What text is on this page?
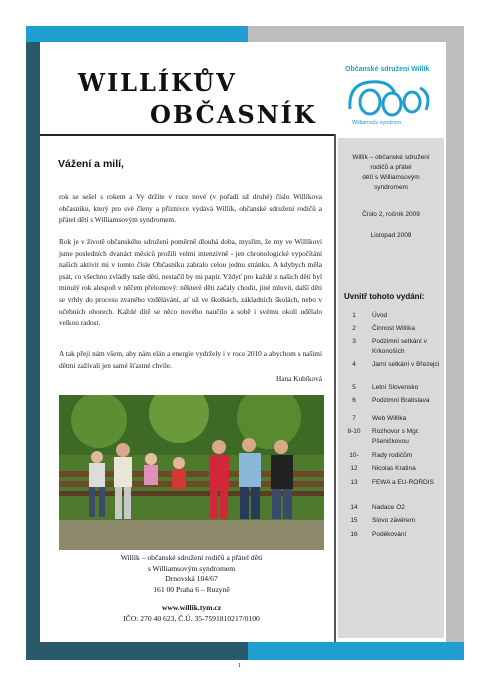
WILLÍKŮV
OBČASNÍK
Občanské sdružení Willík
Williamsův syndrom
Willík – občanské sdružení
rodičů a přátel
dětí s Williamsovým
syndromem
Číslo 2, ročník 2009
Listopad 2009
Uvnitř tohoto vydání:
1	Úvod
2	Činnost Willíka
3	Podzimní setkání v Krkonoších
4	Jarní setkání v Březejci
5	Letní Slovensko
6	Podzimní Bratislava
7	Web Willíka
8-10	Rozhovor s Mgr. Pšeničkovou
10-	Rady rodičům
12	Nicolas Kratina
13	FEWA a EU-RORDIS
14	Nadace O2
15	Slovo závěrem
16	Poděkování
Vážení a milí,
rok se sešel s rokem a Vy držíte v ruce nové (v pořadí už druhé) číslo Willíkova občasníku, který pro své členy a příznivce vydává Willík, občanské sdružení rodičů a přátel dětí s Williamsovým syndromem.
Rok je v životě občanského sdružení poměrně dlouhá doba, myslím, že my ve Willíkovi jsme posledních dvanáct měsíců prožili velmi intenzivně - jen chronologické vypočítání našich aktivit mi v tomto čísle Občasníku zabralo celou jednu stránku. A kdybych měla psát, co všechno zvládly naše děti, nestačil by mi papír. Vždyť pro každé z našich dětí byl minulý rok alespoň v něčem přelomový: některé děti začaly chodit, jiné mluvit, další děti se vrhly do procesu zvaného vzdělávání, ať už ve školkách, základních školách, nebo v učebních oborech. Každé dítě se něco nového naučilo a sobě i svému okolí udělalo velkou radost.
A tak přeji nám všem, aby nám elán a energie vydržely i v roce 2010 a abychom s našimi dětmi zažívali jen samé šťastné chvíle.
Hana Kubíková
Willík – občanské sdružení rodičů a přátel dětí
s Williamsovým syndromem
Drnovská 104/67
161 00 Praha 6 – Ruzyně
www.willik.tym.cz
IČO: 270 40 623, Č.Ú. 35-7591810217/0100
1
